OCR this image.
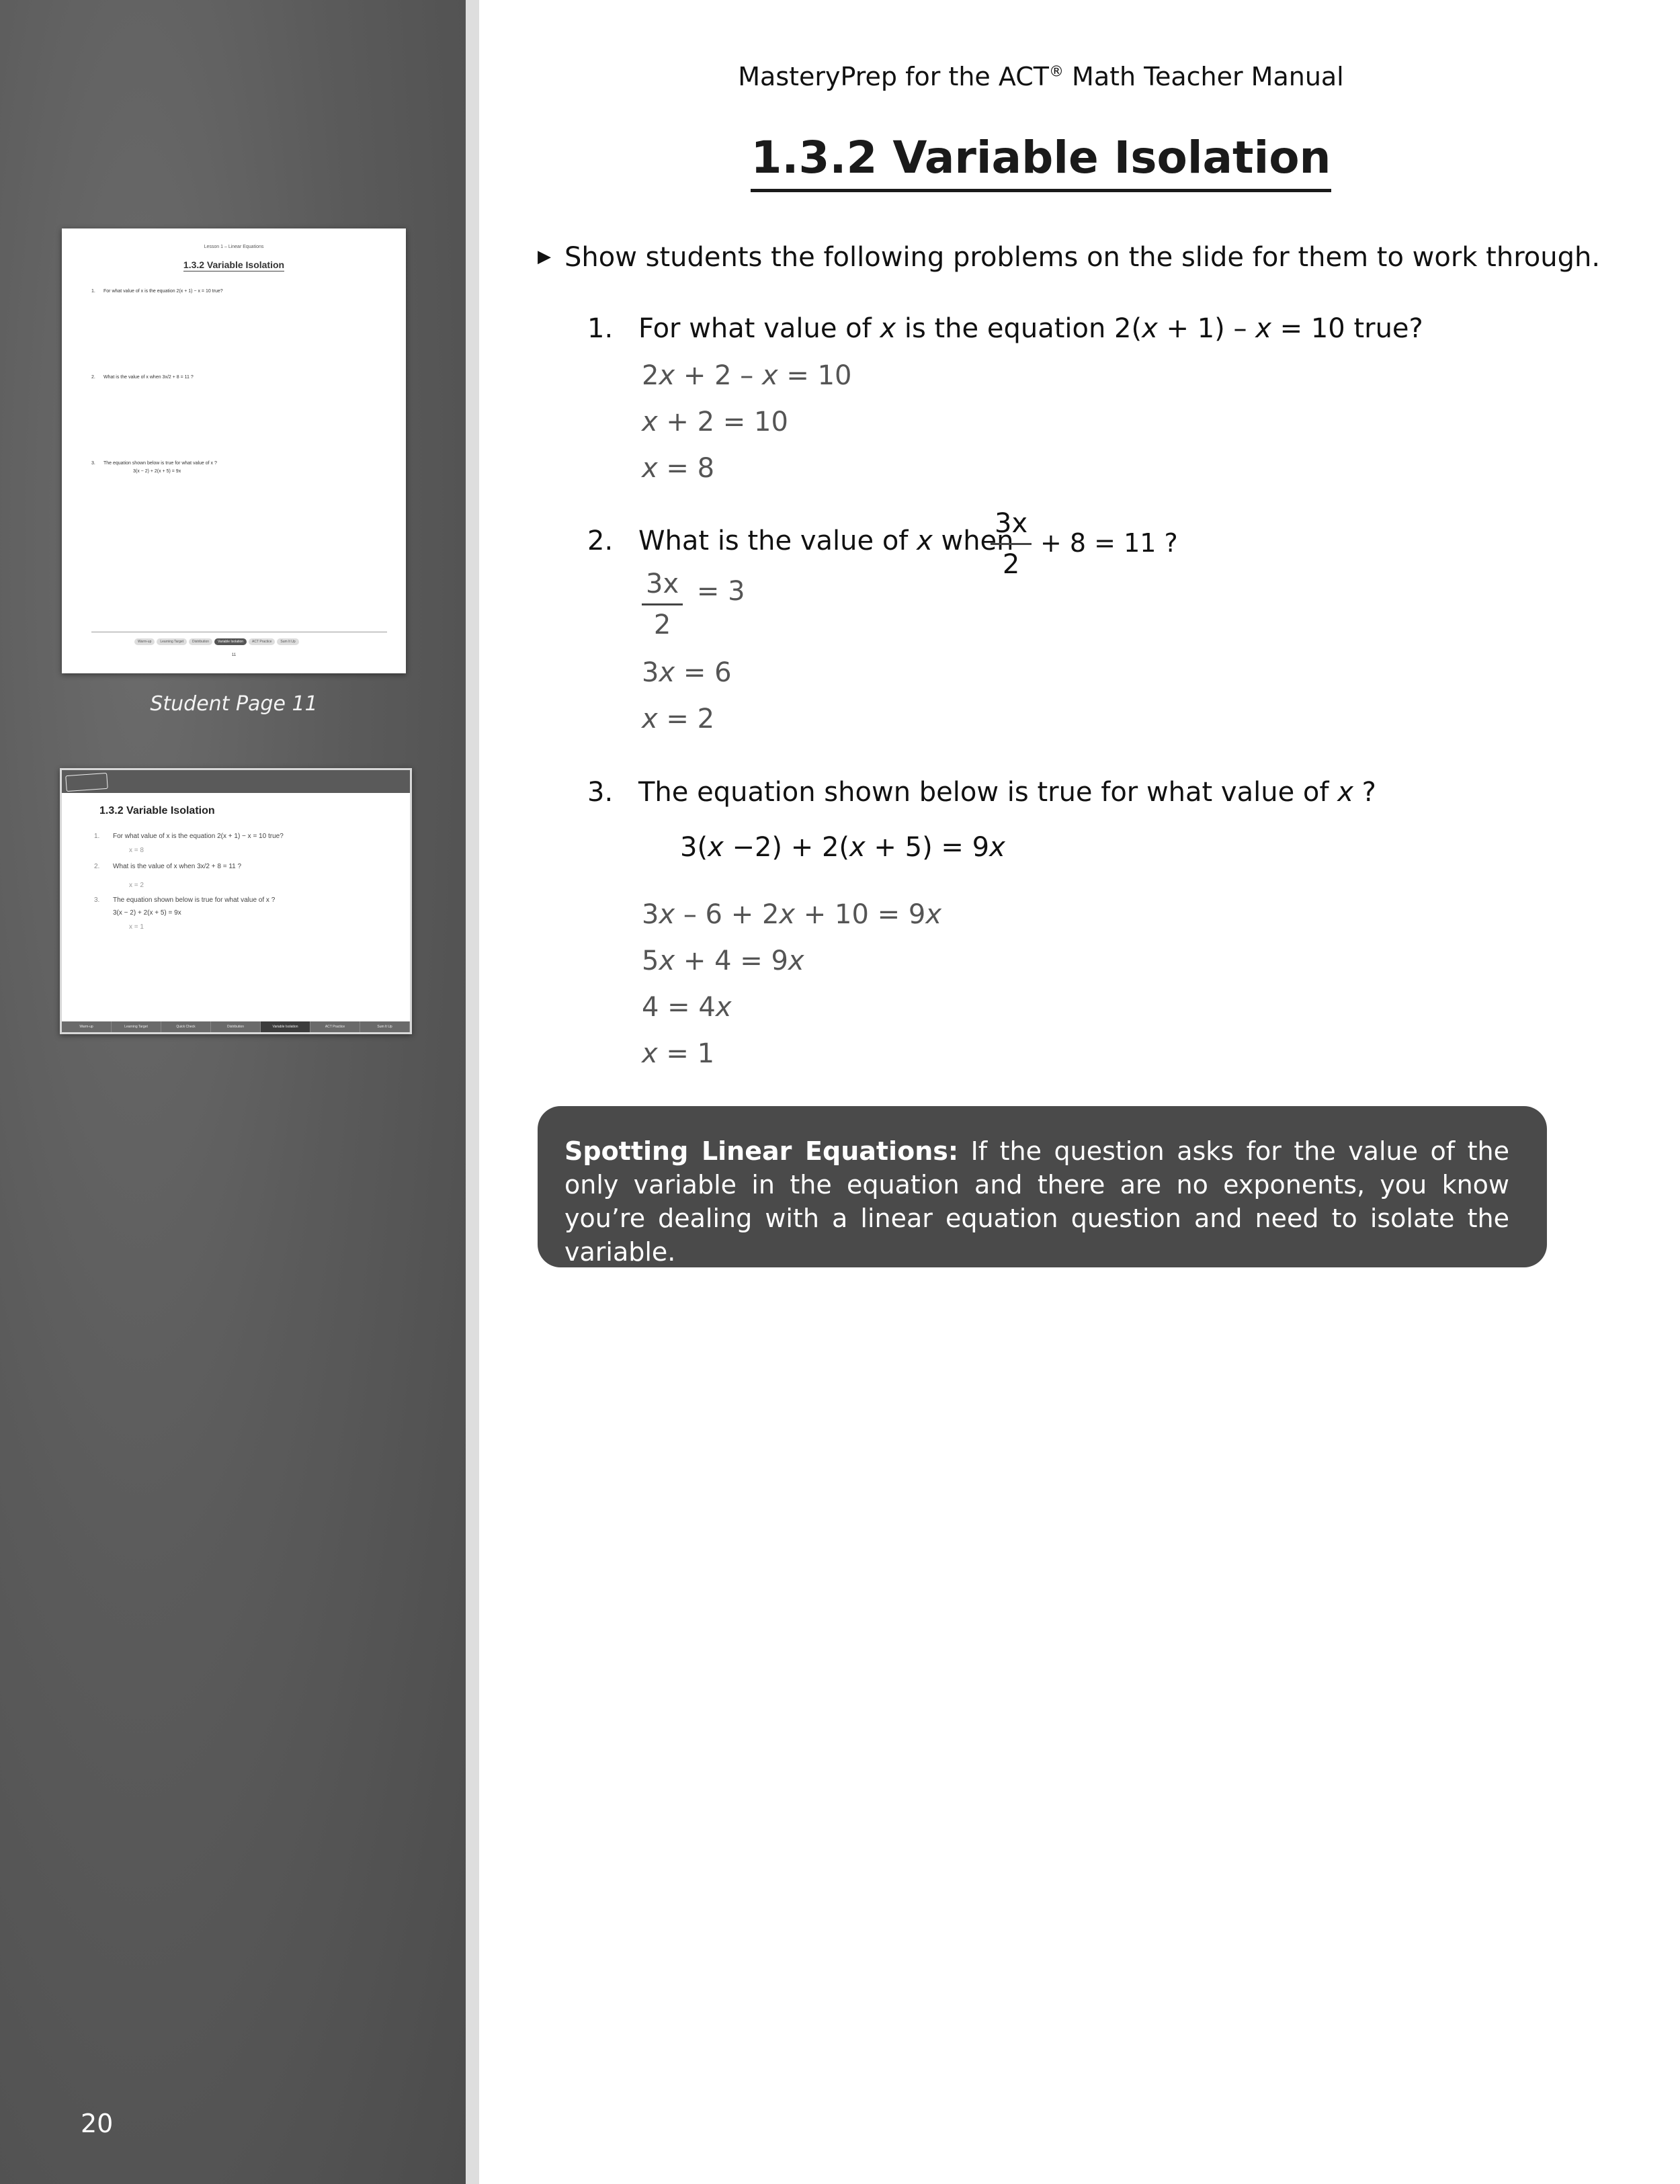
Lesson 1 – Linear Equations
1.3.2 Variable Isolation
1. For what value of x is the equation 2(x + 1) − x = 10 true?
2. What is the value of x when 3x/2 + 8 = 11 ?
3. The equation shown below is true for what value of x ?
3(x − 2) + 2(x + 5) = 9x
Warm-up	Learning Target	Distribution	Variable Isolation	ACT Practice	Sum It Up
11
Student Page 11
1.3.2 Variable Isolation
1. For what value of x is the equation 2(x + 1) − x = 10 true?
x = 8
2. What is the value of x when 3x/2 + 8 = 11 ?
x = 2
3. The equation shown below is true for what value of x ?
3(x − 2) + 2(x + 5) = 9x
x = 1
Warm-up	Learning Target	Quick Check	Distribution	Variable Isolation	ACT Practice	Sum It Up
20
MasteryPrep for the ACT® Math Teacher Manual
1.3.2 Variable Isolation
▶ Show students the following problems on the slide for them to work through.
1. For what value of x is the equation 2(x + 1) – x = 10 true?
2x + 2 – x = 10
x + 2 = 10
x = 8
2. What is the value of x when
$\frac{3x}{2} + 8 = 11$ ?
$\frac{3x}{2} = 3$
3x = 6
x = 2
3. The equation shown below is true for what value of x ?
3(x −2) + 2(x + 5) = 9x
3x – 6 + 2x + 10 = 9x
5x + 4 = 9x
4 = 4x
x = 1
Spotting Linear Equations: If the question asks for the value of the only variable in the equation and there are no exponents, you know you’re dealing with a linear equation question and need to isolate the variable.
